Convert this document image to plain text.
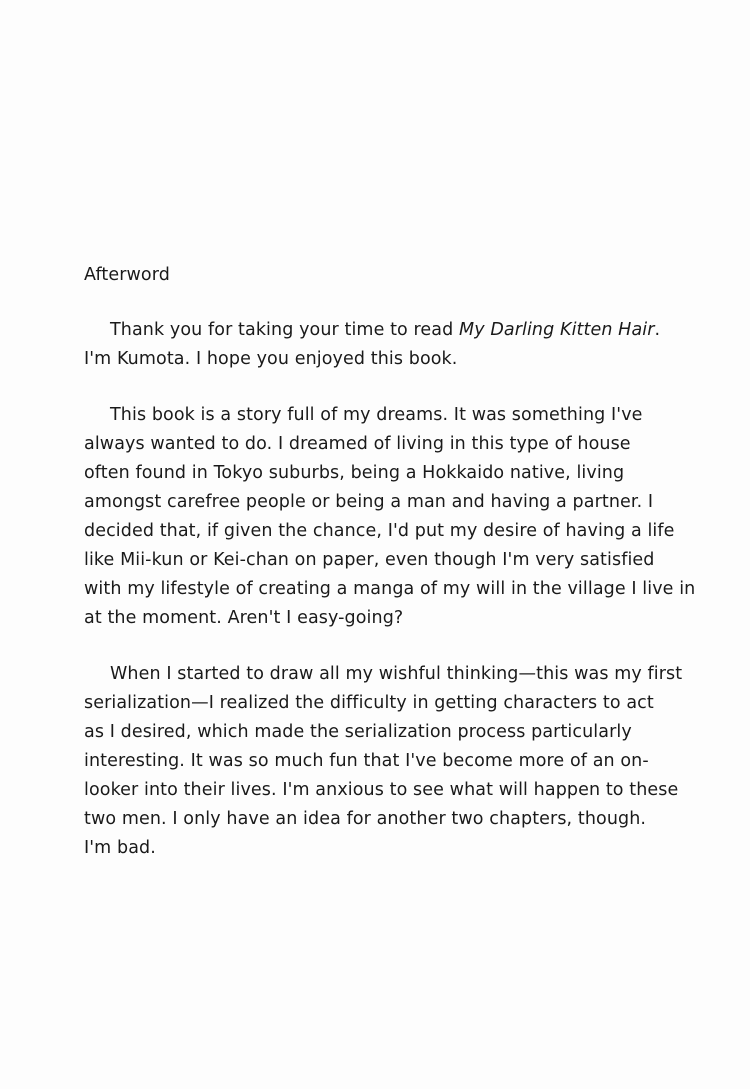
Afterword
Thank you for taking your time to read My Darling Kitten Hair.
I'm Kumota. I hope you enjoyed this book.
This book is a story full of my dreams. It was something I've
always wanted to do. I dreamed of living in this type of house
often found in Tokyo suburbs, being a Hokkaido native, living
amongst carefree people or being a man and having a partner. I
decided that, if given the chance, I'd put my desire of having a life
like Mii-kun or Kei-chan on paper, even though I'm very satisfied
with my lifestyle of creating a manga of my will in the village I live in
at the moment. Aren't I easy-going?
When I started to draw all my wishful thinking—this was my first
serialization—I realized the difficulty in getting characters to act
as I desired, which made the serialization process particularly
interesting. It was so much fun that I've become more of an on-
looker into their lives. I'm anxious to see what will happen to these
two men. I only have an idea for another two chapters, though.
I'm bad.
